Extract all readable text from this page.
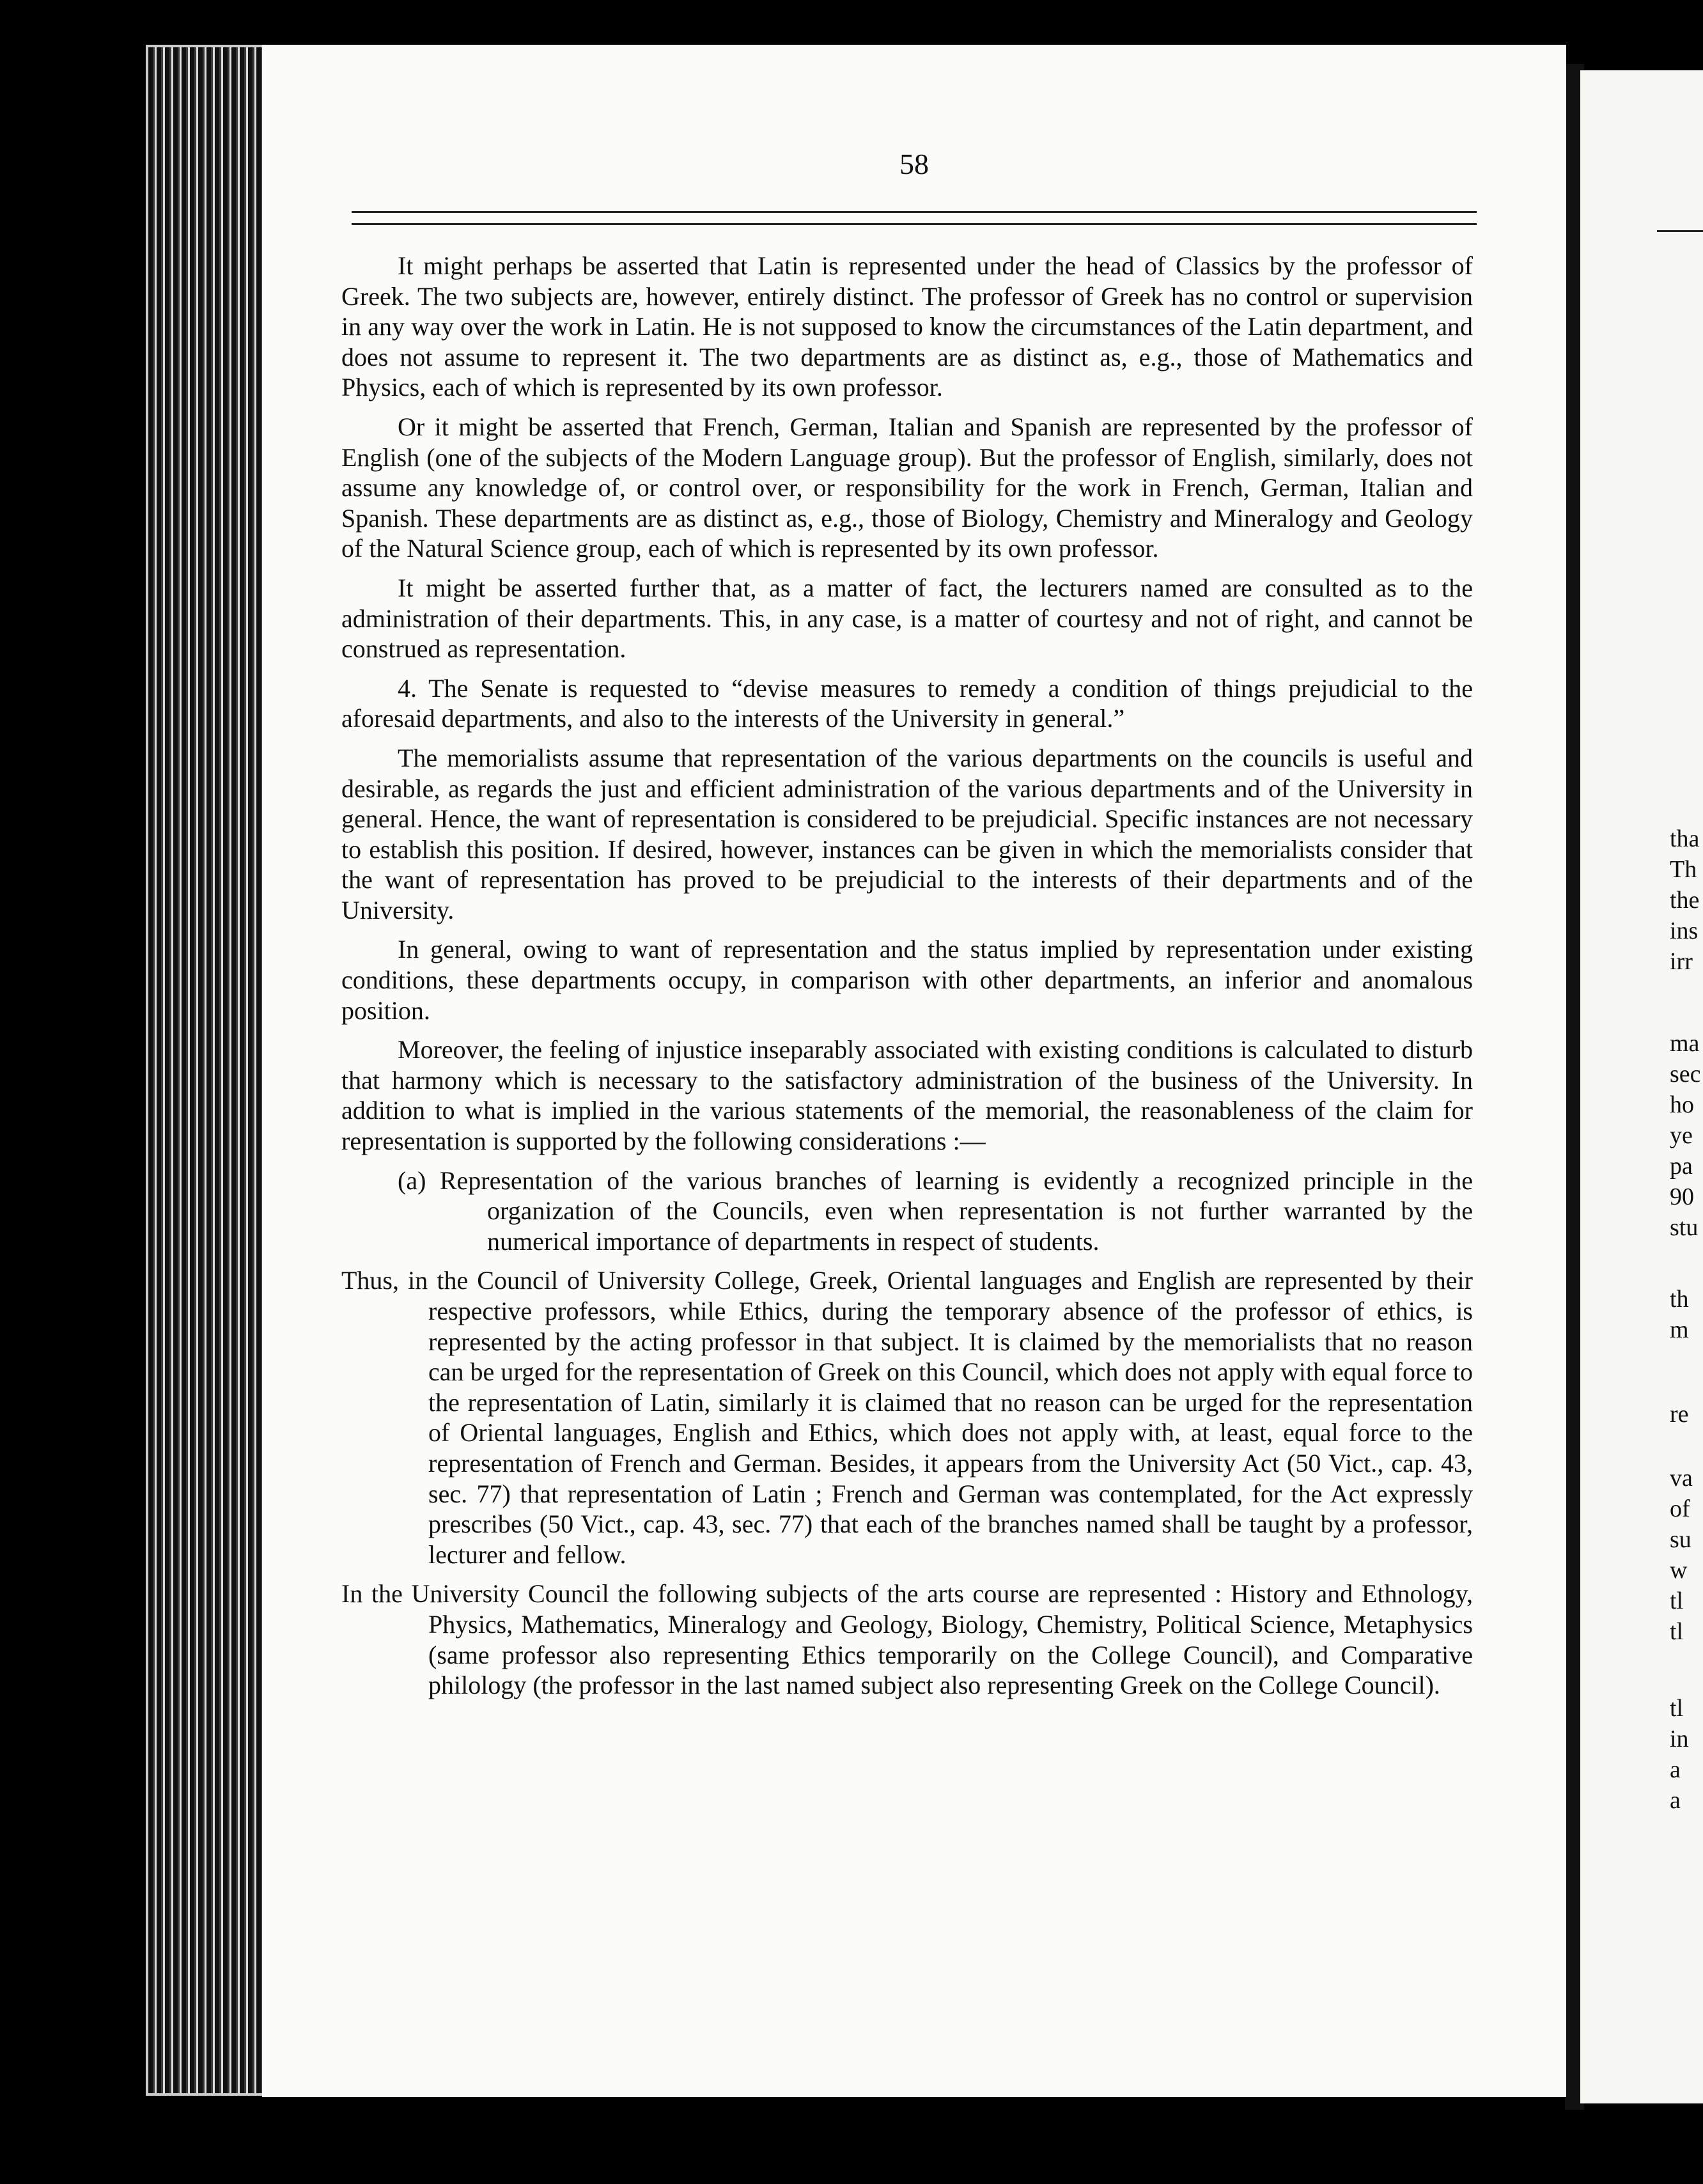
tha
Th
the
ins
irr
ma
sec
ho
ye
pa
90
stu
th
m
re
va
of
su
w
tl
tl
tl
in
a
a
58

It might perhaps be asserted that Latin is represented under the head of Classics by the professor of Greek. The two subjects are, however, entirely distinct. The professor of Greek has no control or supervision in any way over the work in Latin. He is not supposed to know the circumstances of the Latin department, and does not assume to represent it. The two departments are as distinct as, e.g., those of Mathematics and Physics, each of which is represented by its own professor.

Or it might be asserted that French, German, Italian and Spanish are represented by the professor of English (one of the subjects of the Modern Language group). But the professor of English, similarly, does not assume any knowledge of, or control over, or responsibility for the work in French, German, Italian and Spanish. These departments are as distinct as, e.g., those of Biology, Chemistry and Mineralogy and Geology of the Natural Science group, each of which is represented by its own professor.

It might be asserted further that, as a matter of fact, the lecturers named are consulted as to the administration of their departments. This, in any case, is a matter of courtesy and not of right, and cannot be construed as representation.

4. The Senate is requested to “devise measures to remedy a condition of things prejudicial to the aforesaid departments, and also to the interests of the University in general.”

The memorialists assume that representation of the various departments on the councils is useful and desirable, as regards the just and efficient administration of the various departments and of the University in general. Hence, the want of representation is considered to be prejudicial. Specific instances are not necessary to establish this position. If desired, however, instances can be given in which the memorialists consider that the want of representation has proved to be prejudicial to the interests of their departments and of the University.

In general, owing to want of representation and the status implied by representation under existing conditions, these departments occupy, in comparison with other departments, an inferior and anomalous position.

Moreover, the feeling of injustice inseparably associated with existing conditions is calculated to disturb that harmony which is necessary to the satisfactory administration of the business of the University. In addition to what is implied in the various statements of the memorial, the reasonableness of the claim for representation is supported by the following considerations :—

(a) Representation of the various branches of learning is evidently a recognized principle in the organization of the Councils, even when representation is not further warranted by the numerical importance of departments in respect of students.

Thus, in the Council of University College, Greek, Oriental languages and English are represented by their respective professors, while Ethics, during the temporary absence of the professor of ethics, is represented by the acting professor in that subject. It is claimed by the memorialists that no reason can be urged for the representation of Greek on this Council, which does not apply with equal force to the representation of Latin, similarly it is claimed that no reason can be urged for the representation of Oriental languages, English and Ethics, which does not apply with, at least, equal force to the representation of French and German. Besides, it appears from the University Act (50 Vict., cap. 43, sec. 77) that representation of Latin ; French and German was contemplated, for the Act expressly prescribes (50 Vict., cap. 43, sec. 77) that each of the branches named shall be taught by a professor, lecturer and fellow.

In the University Council the following subjects of the arts course are represented : History and Ethnology, Physics, Mathematics, Mineralogy and Geology, Biology, Chemistry, Political Science, Metaphysics (same professor also representing Ethics temporarily on the College Council), and Comparative philology (the professor in the last named subject also representing Greek on the College Council).
